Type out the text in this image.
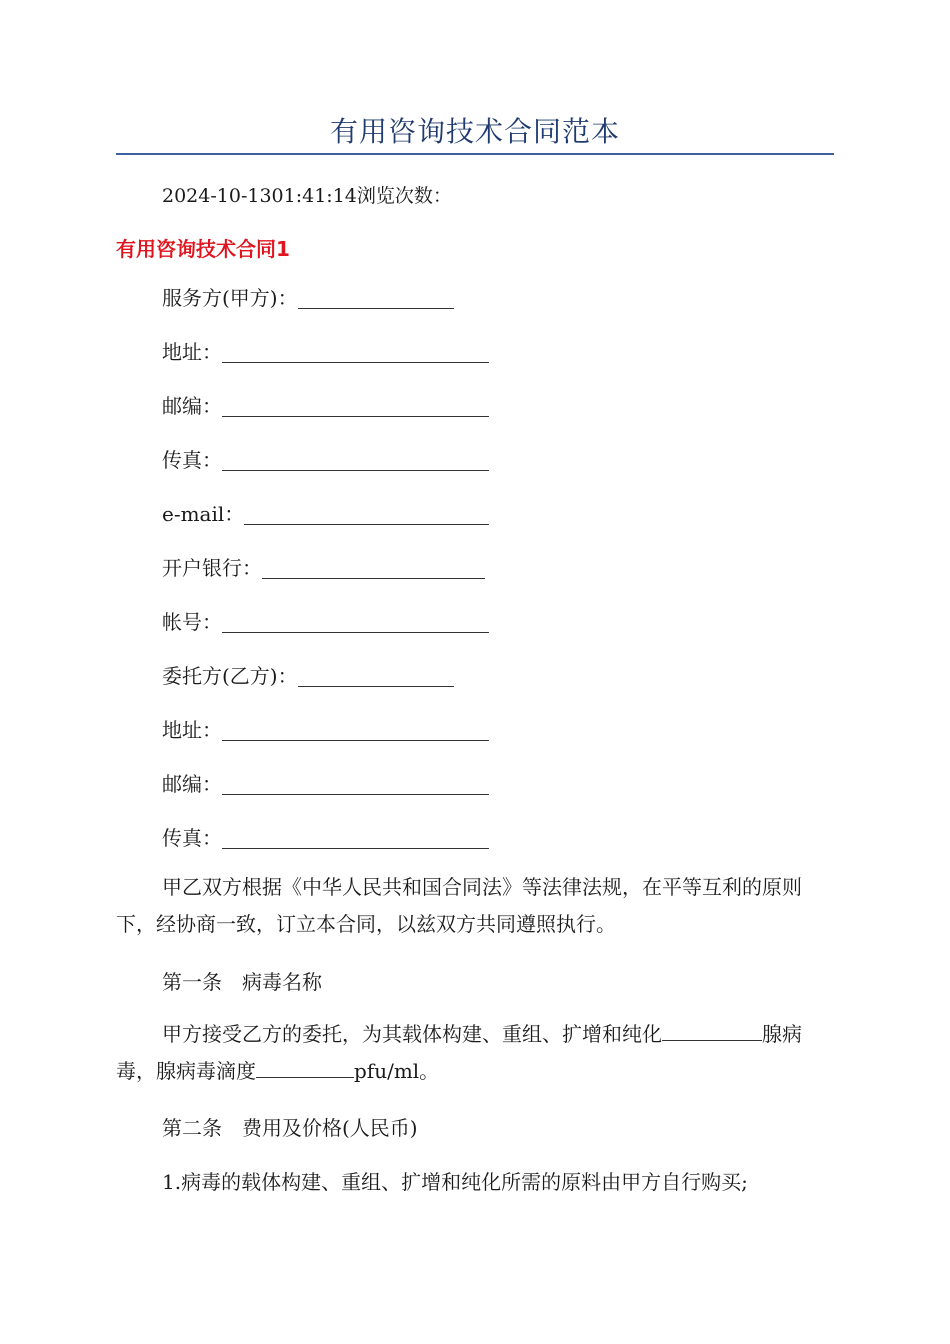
有用咨询技术合同范本
2024-10-1301:41:14浏览次数：
有用咨询技术合同1
服务方(甲方)：
地址：
邮编：
传真：
e-mail：
开户银行：
帐号：
委托方(乙方)：
地址：
邮编：
传真：

甲乙双方根据《中华人民共和国合同法》等法律法规，在平等互利的原则下，经协商一致，订立本合同，以兹双方共同遵照执行。

第一条　病毒名称

甲方接受乙方的委托，为其载体构建、重组、扩增和纯化	腺病毒，腺病毒滴度	pfu/ml。

第二条　费用及价格(人民币)
1.病毒的载体构建、重组、扩增和纯化所需的原料由甲方自行购买;
